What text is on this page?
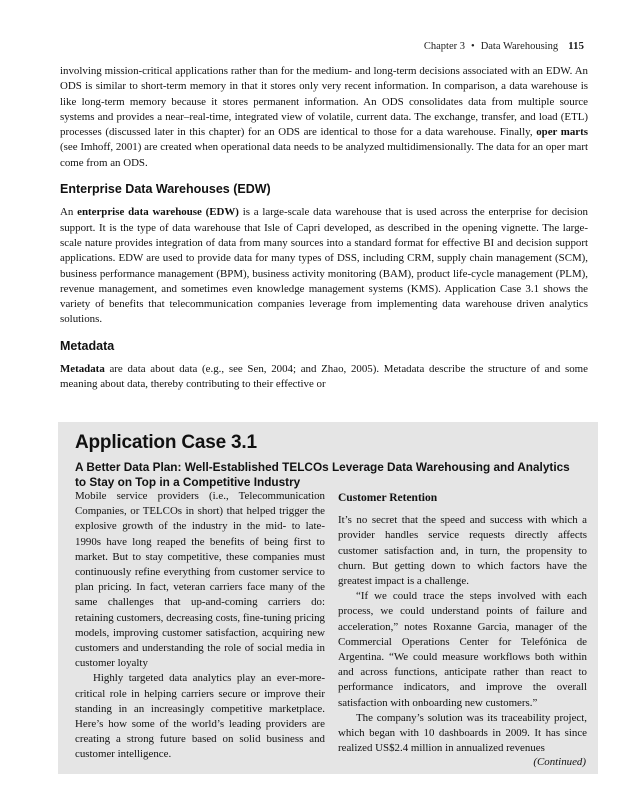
Chapter 3 • Data Warehousing 115

involving mission-critical applications rather than for the medium- and long-term decisions associated with an EDW. An ODS is similar to short-term memory in that it stores only very recent information. In comparison, a data warehouse is like long-term memory because it stores permanent information. An ODS consolidates data from multiple source systems and provides a near–real-time, integrated view of volatile, current data. The exchange, transfer, and load (ETL) processes (discussed later in this chapter) for an ODS are identical to those for a data warehouse. Finally, oper marts (see Imhoff, 2001) are created when operational data needs to be analyzed multidimensionally. The data for an oper mart come from an ODS.

Enterprise Data Warehouses (EDW)

An enterprise data warehouse (EDW) is a large-scale data warehouse that is used across the enterprise for decision support. It is the type of data warehouse that Isle of Capri developed, as described in the opening vignette. The large-scale nature provides integration of data from many sources into a standard format for effective BI and decision support applications. EDW are used to provide data for many types of DSS, including CRM, supply chain management (SCM), business performance management (BPM), business activity monitoring (BAM), product life-cycle management (PLM), revenue management, and sometimes even knowledge management systems (KMS). Application Case 3.1 shows the variety of benefits that telecommunication companies leverage from implementing data warehouse driven analytics solutions.

Metadata

Metadata are data about data (e.g., see Sen, 2004; and Zhao, 2005). Metadata describe the structure of and some meaning about data, thereby contributing to their effective or

Application Case 3.1
A Better Data Plan: Well-Established TELCOs Leverage Data Warehousing and Analytics to Stay on Top in a Competitive Industry

Mobile service providers (i.e., Telecommunication Companies, or TELCOs in short) that helped trigger the explosive growth of the industry in the mid- to late-1990s have long reaped the benefits of being first to market. But to stay competitive, these companies must continuously refine everything from customer service to plan pricing. In fact, veteran carriers face many of the same challenges that up-and-coming carriers do: retaining customers, decreasing costs, fine-tuning pricing models, improving customer satisfaction, acquiring new customers and understanding the role of social media in customer loyalty

Highly targeted data analytics play an ever-more-critical role in helping carriers secure or improve their standing in an increasingly competitive marketplace. Here’s how some of the world’s leading providers are creating a strong future based on solid business and customer intelligence.

Customer Retention

It’s no secret that the speed and success with which a provider handles service requests directly affects customer satisfaction and, in turn, the propensity to churn. But getting down to which factors have the greatest impact is a challenge.

“If we could trace the steps involved with each process, we could understand points of failure and acceleration,” notes Roxanne Garcia, manager of the Commercial Operations Center for Telefónica de Argentina. “We could measure workflows both within and across functions, anticipate rather than react to performance indicators, and improve the overall satisfaction with onboarding new customers.”

The company’s solution was its traceability project, which began with 10 dashboards in 2009. It has since realized US$2.4 million in annualized revenues

(Continued)
